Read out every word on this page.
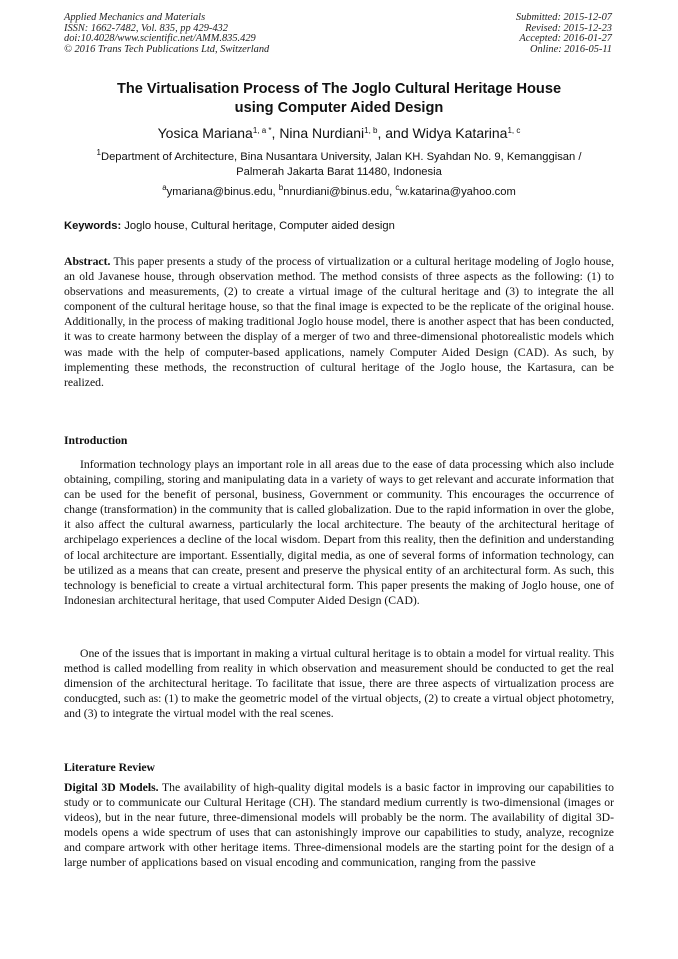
Applied Mechanics and Materials
ISSN: 1662-7482, Vol. 835, pp 429-432
doi:10.4028/www.scientific.net/AMM.835.429
© 2016 Trans Tech Publications Ltd, Switzerland
Submitted: 2015-12-07
Revised: 2015-12-23
Accepted: 2016-01-27
Online: 2016-05-11
The Virtualisation Process of The Joglo Cultural Heritage House
using Computer Aided Design
Yosica Mariana$^{1, a *}$, Nina Nurdiani$^{1, b}$, and Widya Katarina$^{1, c}$
$^1$Department of Architecture, Bina Nusantara University, Jalan KH. Syahdan No. 9, Kemanggisan /
Palmerah Jakarta Barat 11480, Indonesia
$^a$ymariana@binus.edu, $^b$nnurdiani@binus.edu, $^c$w.katarina@yahoo.com
Keywords: Joglo house, Cultural heritage, Computer aided design

Abstract. This paper presents a study of the process of virtualization or a cultural heritage modeling of Joglo house, an old Javanese house, through observation method. The method consists of three aspects as the following: (1) to observations and measurements, (2) to create a virtual image of the cultural heritage and (3) to integrate the all component of the cultural heritage house, so that the final image is expected to be the replicate of the original house. Additionally, in the process of making traditional Joglo house model, there is another aspect that has been conducted, it was to create harmony between the display of a merger of two and three-dimensional photorealistic models which was made with the help of computer-based applications, namely Computer Aided Design (CAD). As such, by implementing these methods, the reconstruction of cultural heritage of the Joglo house, the Kartasura, can be realized.

Introduction

Information technology plays an important role in all areas due to the ease of data processing which also include obtaining, compiling, storing and manipulating data in a variety of ways to get relevant and accurate information that can be used for the benefit of personal, business, Government or community. This encourages the occurrence of change (transformation) in the community that is called globalization. Due to the rapid information in over the globe, it also affect the cultural awarness, particularly the local architecture. The beauty of the architectural heritage of archipelago experiences a decline of the local wisdom. Depart from this reality, then the definition and understanding of local architecture are important. Essentially, digital media, as one of several forms of information technology, can be utilized as a means that can create, present and preserve the physical entity of an architectural form. As such, this technology is beneficial to create a virtual architectural form. This paper presents the making of Joglo house, one of Indonesian architectural heritage, that used Computer Aided Design (CAD).

One of the issues that is important in making a virtual cultural heritage is to obtain a model for virtual reality. This method is called modelling from reality in which observation and measurement should be conducted to get the real dimension of the architectural heritage. To facilitate that issue, there are three aspects of virtualization process are conducgted, such as: (1) to make the geometric model of the virtual objects, (2) to create a virtual object photometry, and (3) to integrate the virtual model with the real scenes.

Literature Review

Digital 3D Models. The availability of high-quality digital models is a basic factor in improving our capabilities to study or to communicate our Cultural Heritage (CH). The standard medium currently is two-dimensional (images or videos), but in the near future, three-dimensional models will probably be the norm. The availability of digital 3D-models opens a wide spectrum of uses that can astonishingly improve our capabilities to study, analyze, recognize and compare artwork with other heritage items. Three-dimensional models are the starting point for the design of a large number of applications based on visual encoding and communication, ranging from the passive
